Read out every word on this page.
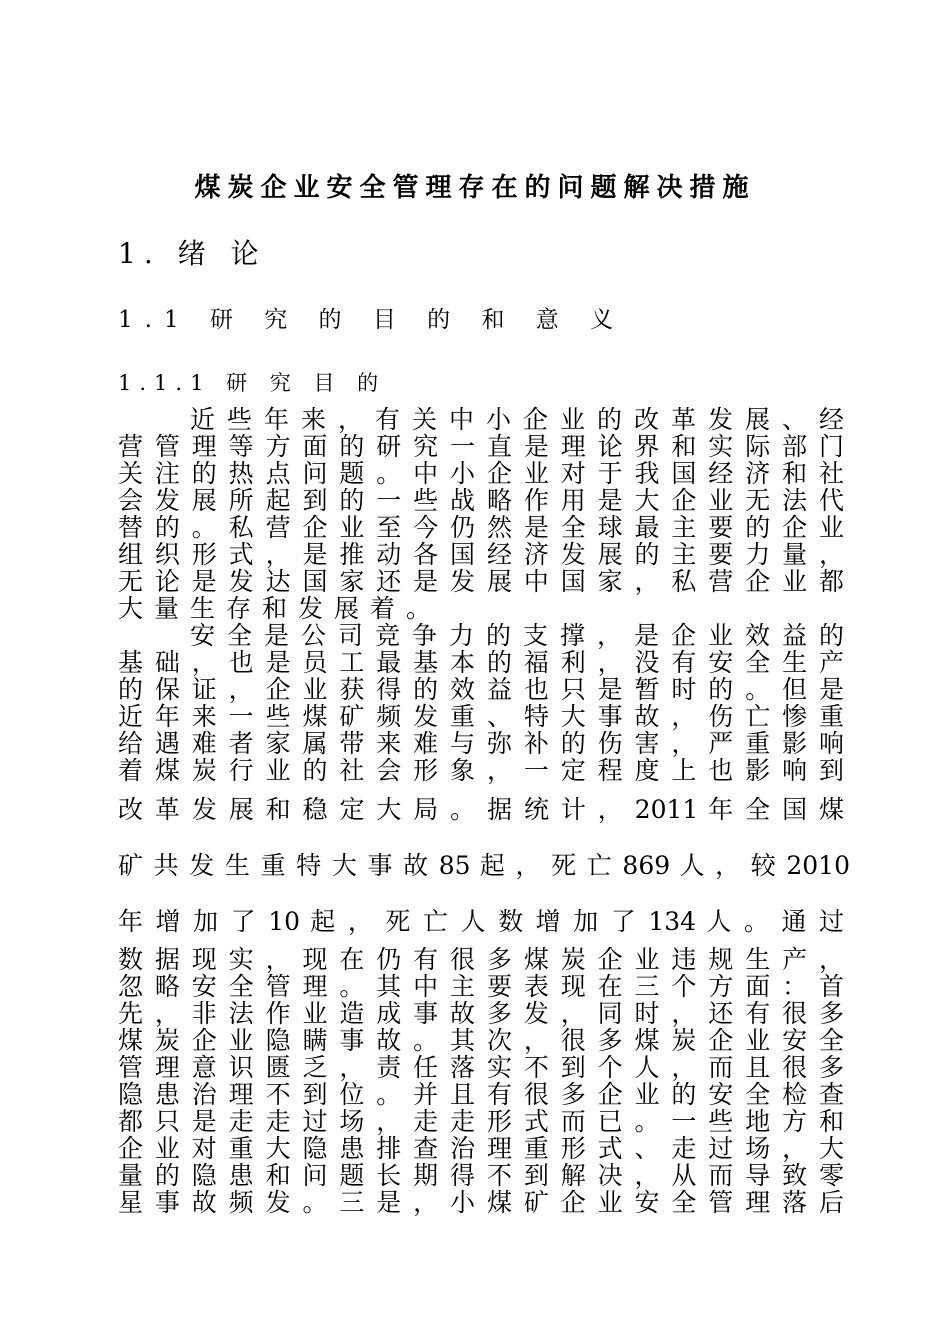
煤炭企业安全管理存在的问题解决措施
1. 绪 论
1.1 研 究 的 目 的 和 意 义
1.1.1 研 究 目 的
近 些 年 来 ， 有 关 中 小 企 业 的 改 革 发 展 、 经
营 管 理 等 方 面 的 研 究 一 直 是 理 论 界 和 实 际 部 门
关 注 的 热 点 问 题 。 中 小 企 业 对 于 我 国 经 济 和 社
会 发 展 所 起 到 的 一 些 战 略 作 用 是 大 企 业 无 法 代
替 的 。 私 营 企 业 至 今 仍 然 是 全 球 最 主 要 的 企 业
组 织 形 式 ， 是 推 动 各 国 经 济 发 展 的 主 要 力 量 ，
无 论 是 发 达 国 家 还 是 发 展 中 国 家 ， 私 营 企 业 都
大量生存和发展着。
安 全 是 公 司 竞 争 力 的 支 撑 ， 是 企 业 效 益 的
基 础 ， 也 是 员 工 最 基 本 的 福 利 ， 没 有 安 全 生 产
的 保 证 ， 企 业 获 得 的 效 益 也 只 是 暂 时 的 。 但 是
近 年 来 一 些 煤 矿 频 发 重 、 特 大 事 故 ， 伤 亡 惨 重
给 遇 难 者 家 属 带 来 难 与 弥 补 的 伤 害 ， 严 重 影 响
着 煤 炭 行 业 的 社 会 形 象 ， 一 定 程 度 上 也 影 响 到
改 革 发 展 和 稳 定 大 局 。 据 统 计 ， 2011 年 全 国 煤
矿 共 发 生 重 特 大 事 故 85 起 ， 死 亡 869 人 ， 较 2010
年 增 加 了 10 起 ， 死 亡 人 数 增 加 了 134 人 。 通 过
数 据 现 实 ， 现 在 仍 有 很 多 煤 炭 企 业 违 规 生 产 ，
忽 略 安 全 管 理 。 其 中 主 要 表 现 在 三 个 方 面 ： 首
先 ， 非 法 作 业 造 成 事 故 多 发 ， 同 时 ， 还 有 很 多
煤 炭 企 业 隐 瞒 事 故 。 其 次 ， 很 多 煤 炭 企 业 安 全
管 理 意 识 匮 乏 ， 责 任 落 实 不 到 个 人 ， 而 且 很 多
隐 患 治 理 不 到 位 。 并 且 有 很 多 企 业 的 安 全 检 查
都 只 是 走 走 过 场 ， 走 走 形 式 而 已 。 一 些 地 方 和
企 业 对 重 大 隐 患 排 查 治 理 重 形 式 、 走 过 场 ， 大
量 的 隐 患 和 问 题 长 期 得 不 到 解 决 ， 从 而 导 致 零
星 事 故 频 发 。 三 是 ， 小 煤 矿 企 业 安 全 管 理 落 后
